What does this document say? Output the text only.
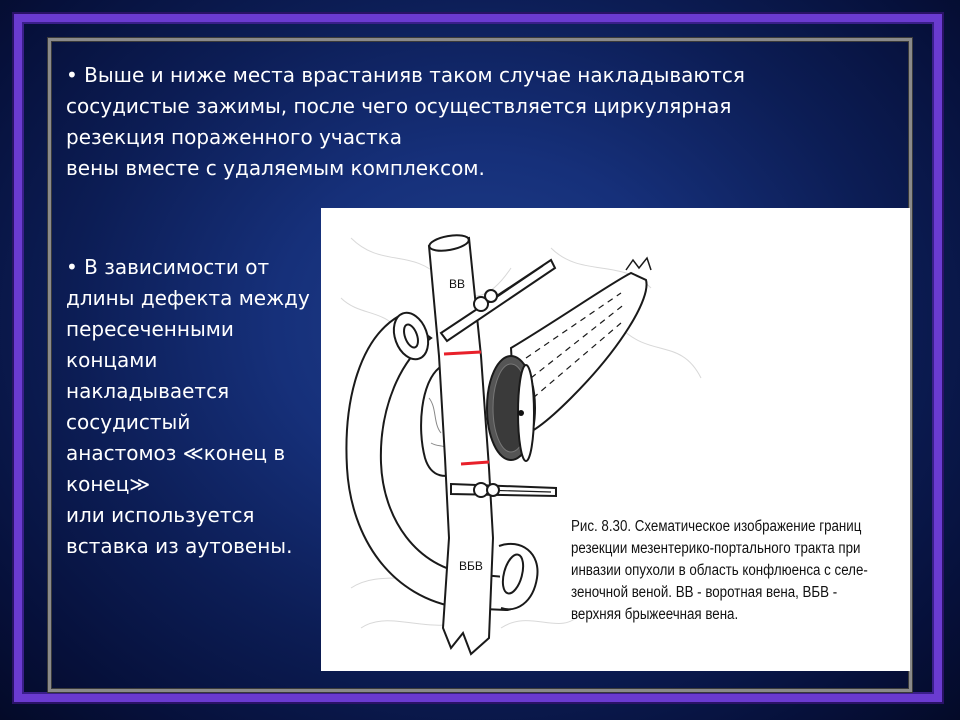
• Выше и ниже места врастанияв таком случае накладываются
сосудистые зажимы, после чего осуществляется циркулярная
резекция пораженного участка
вены вместе с удаляемым комплексом.
• В зависимости от
длины дефекта между
пересеченными
концами
накладывается
сосудистый
анастомоз ≪конец в
конец≫
или используется
вставка из аутовены.
ВВ
ВБВ
Рис. 8.30. Схематическое изображение границ
резекции мезентерико-портального тракта при
инвазии опухоли в область конфлюенса с селе-
зеночной веной. ВВ - воротная вена, ВБВ -
верхняя брыжеечная вена.
